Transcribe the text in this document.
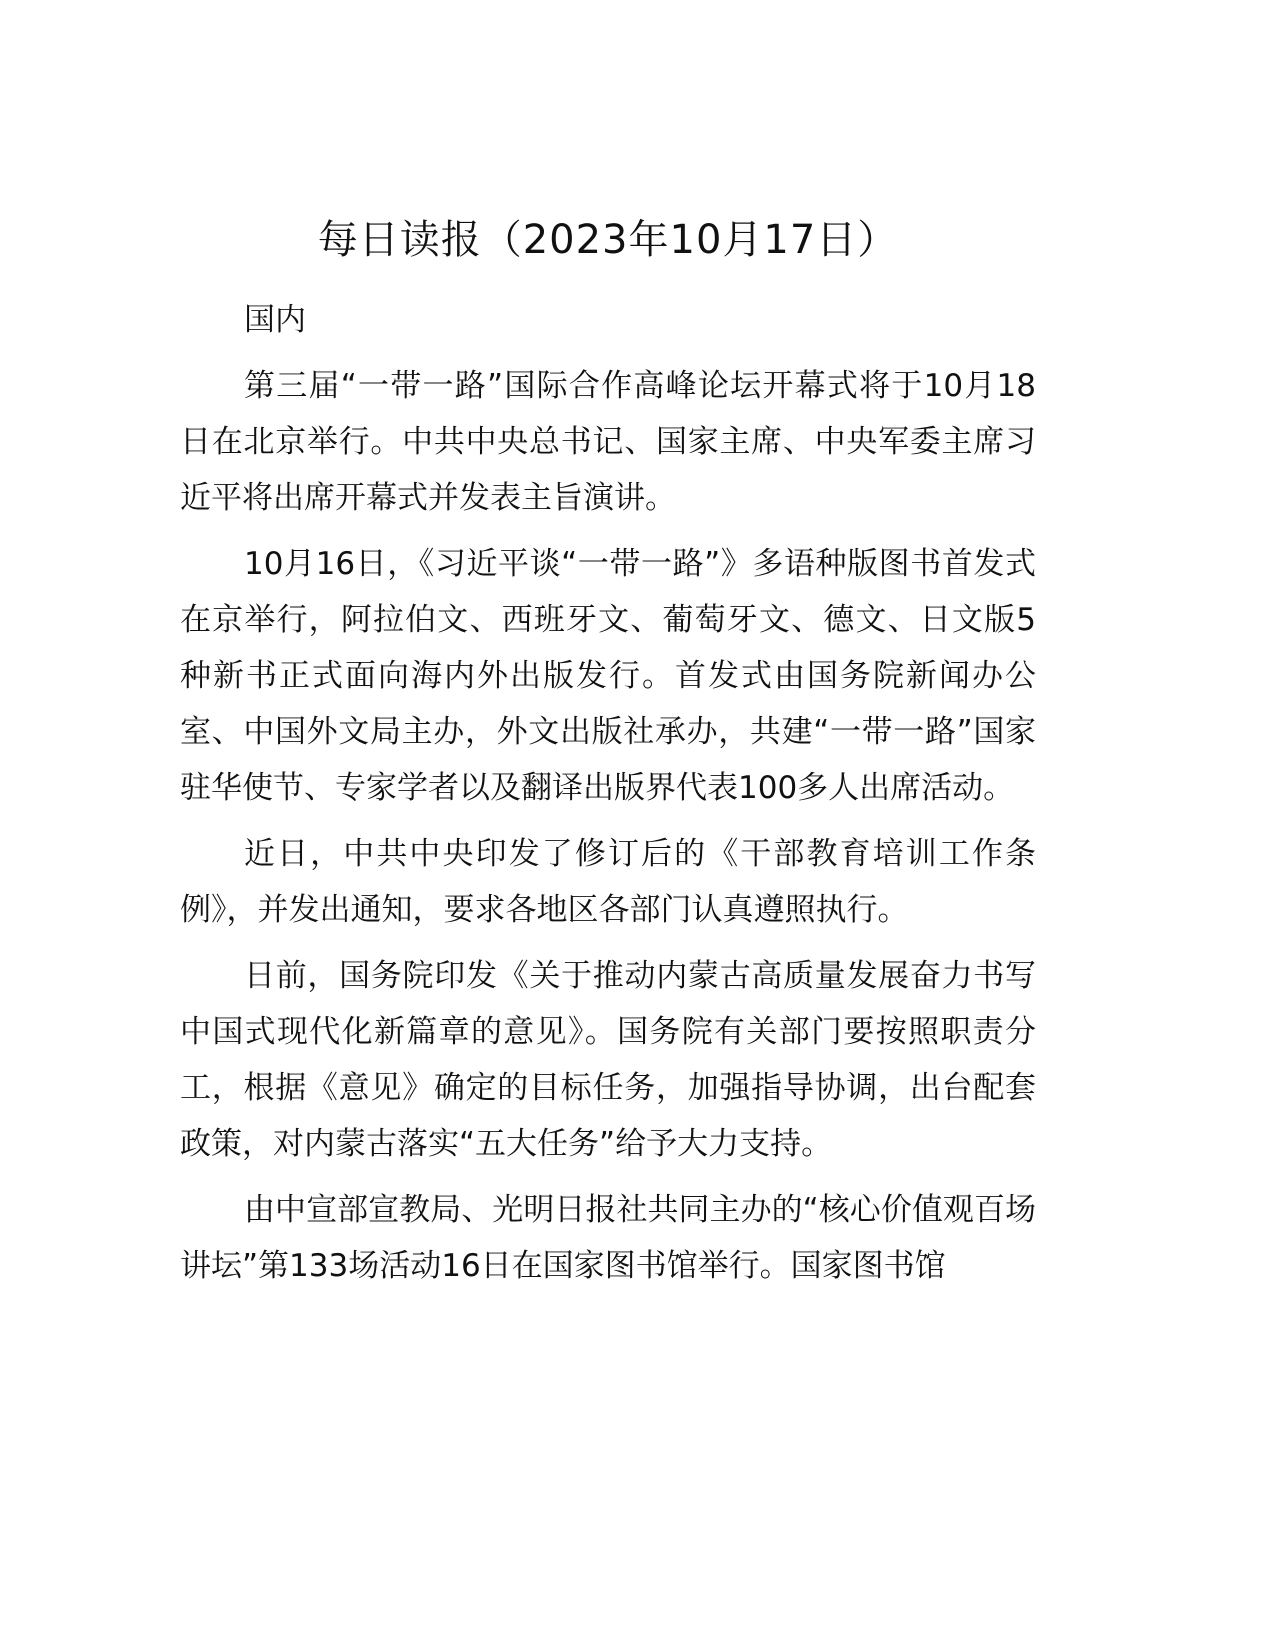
每日读报（2023年10月17日）

国内

第三届“一带一路”国际合作高峰论坛开幕式将于10月18日在北京举行。中共中央总书记、国家主席、中央军委主席习近平将出席开幕式并发表主旨演讲。

10月16日，《习近平谈“一带一路”》多语种版图书首发式在京举行，阿拉伯文、西班牙文、葡萄牙文、德文、日文版5种新书正式面向海内外出版发行。首发式由国务院新闻办公室、中国外文局主办，外文出版社承办，共建“一带一路”国家驻华使节、专家学者以及翻译出版界代表100多人出席活动。

近日，中共中央印发了修订后的《干部教育培训工作条例》，并发出通知，要求各地区各部门认真遵照执行。

日前，国务院印发《关于推动内蒙古高质量发展奋力书写中国式现代化新篇章的意见》。国务院有关部门要按照职责分工，根据《意见》确定的目标任务，加强指导协调，出台配套政策，对内蒙古落实“五大任务”给予大力支持。

由中宣部宣教局、光明日报社共同主办的“核心价值观百场讲坛”第133场活动16日在国家图书馆举行。国家图书馆
